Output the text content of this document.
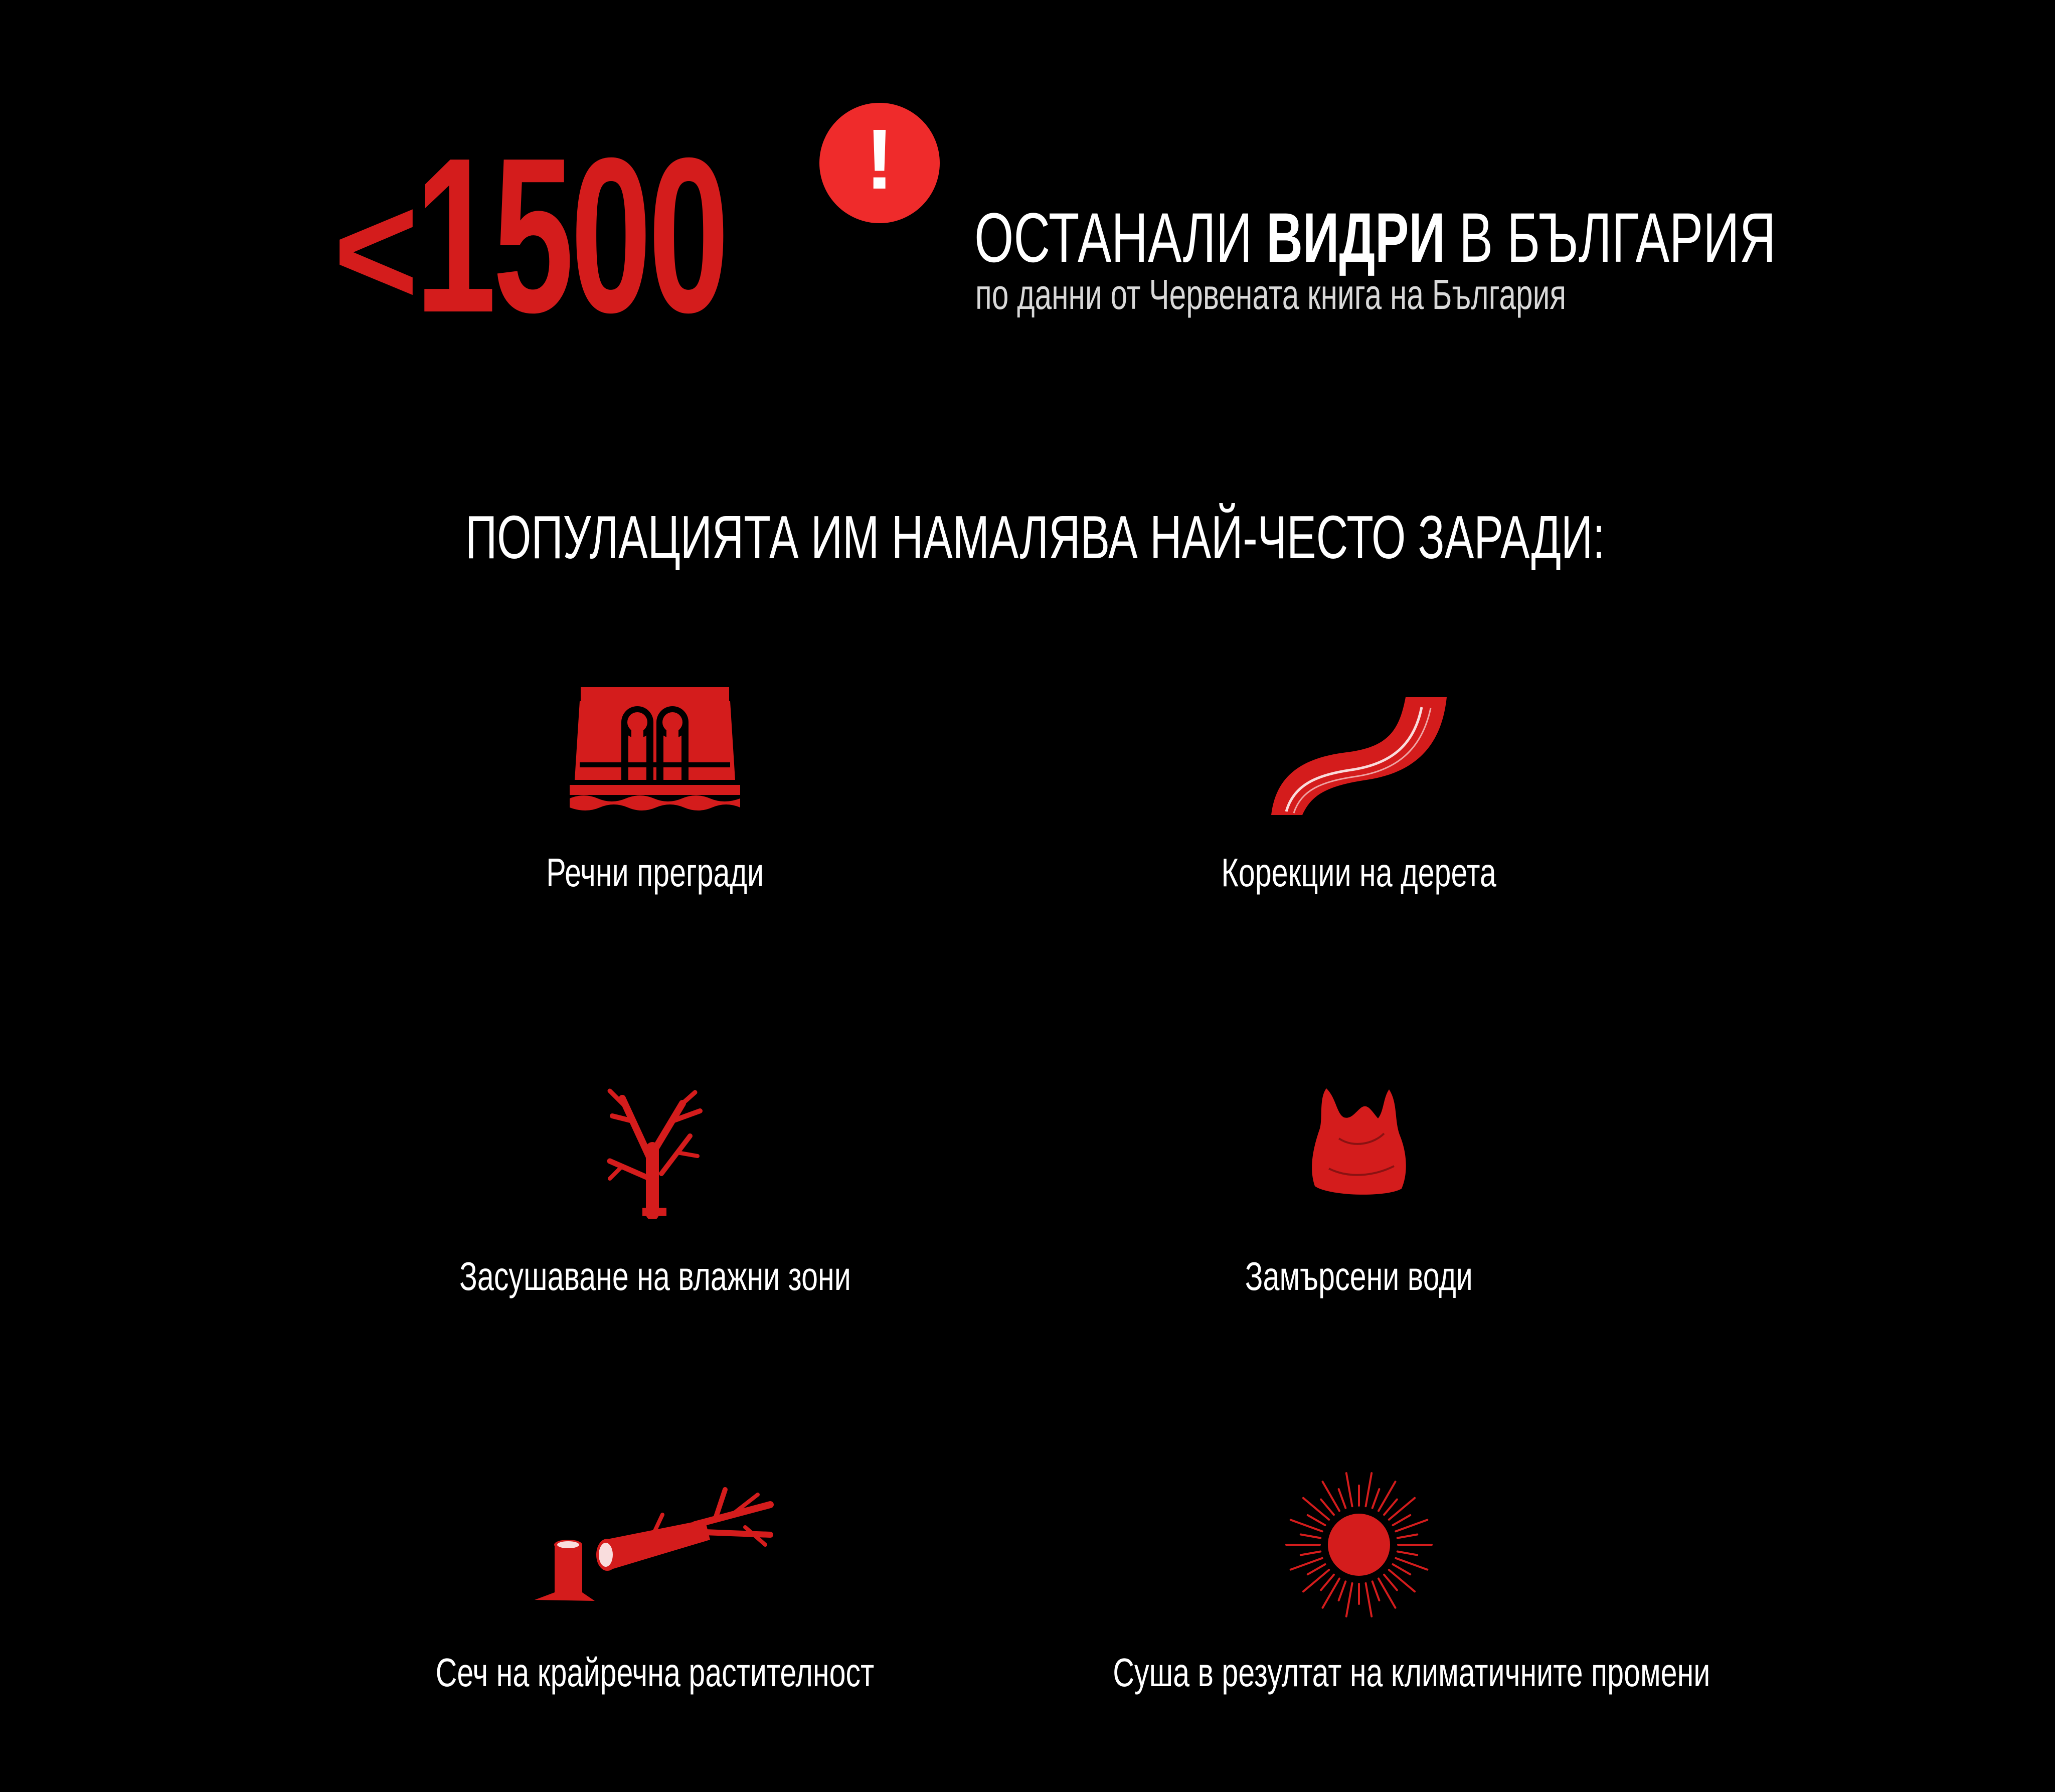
<1500	!
ОСТАНАЛИ ВИДРИ В БЪЛГАРИЯ
по данни от Червената книга на България
ПОПУЛАЦИЯТА ИМ НАМАЛЯВА НАЙ-ЧЕСТО ЗАРАДИ:
Речни прегради	Корекции на дерета
Засушаване на влажни зони	Замърсени води
Сеч на крайречна растителност	Суша в резултат на климатичните промени
